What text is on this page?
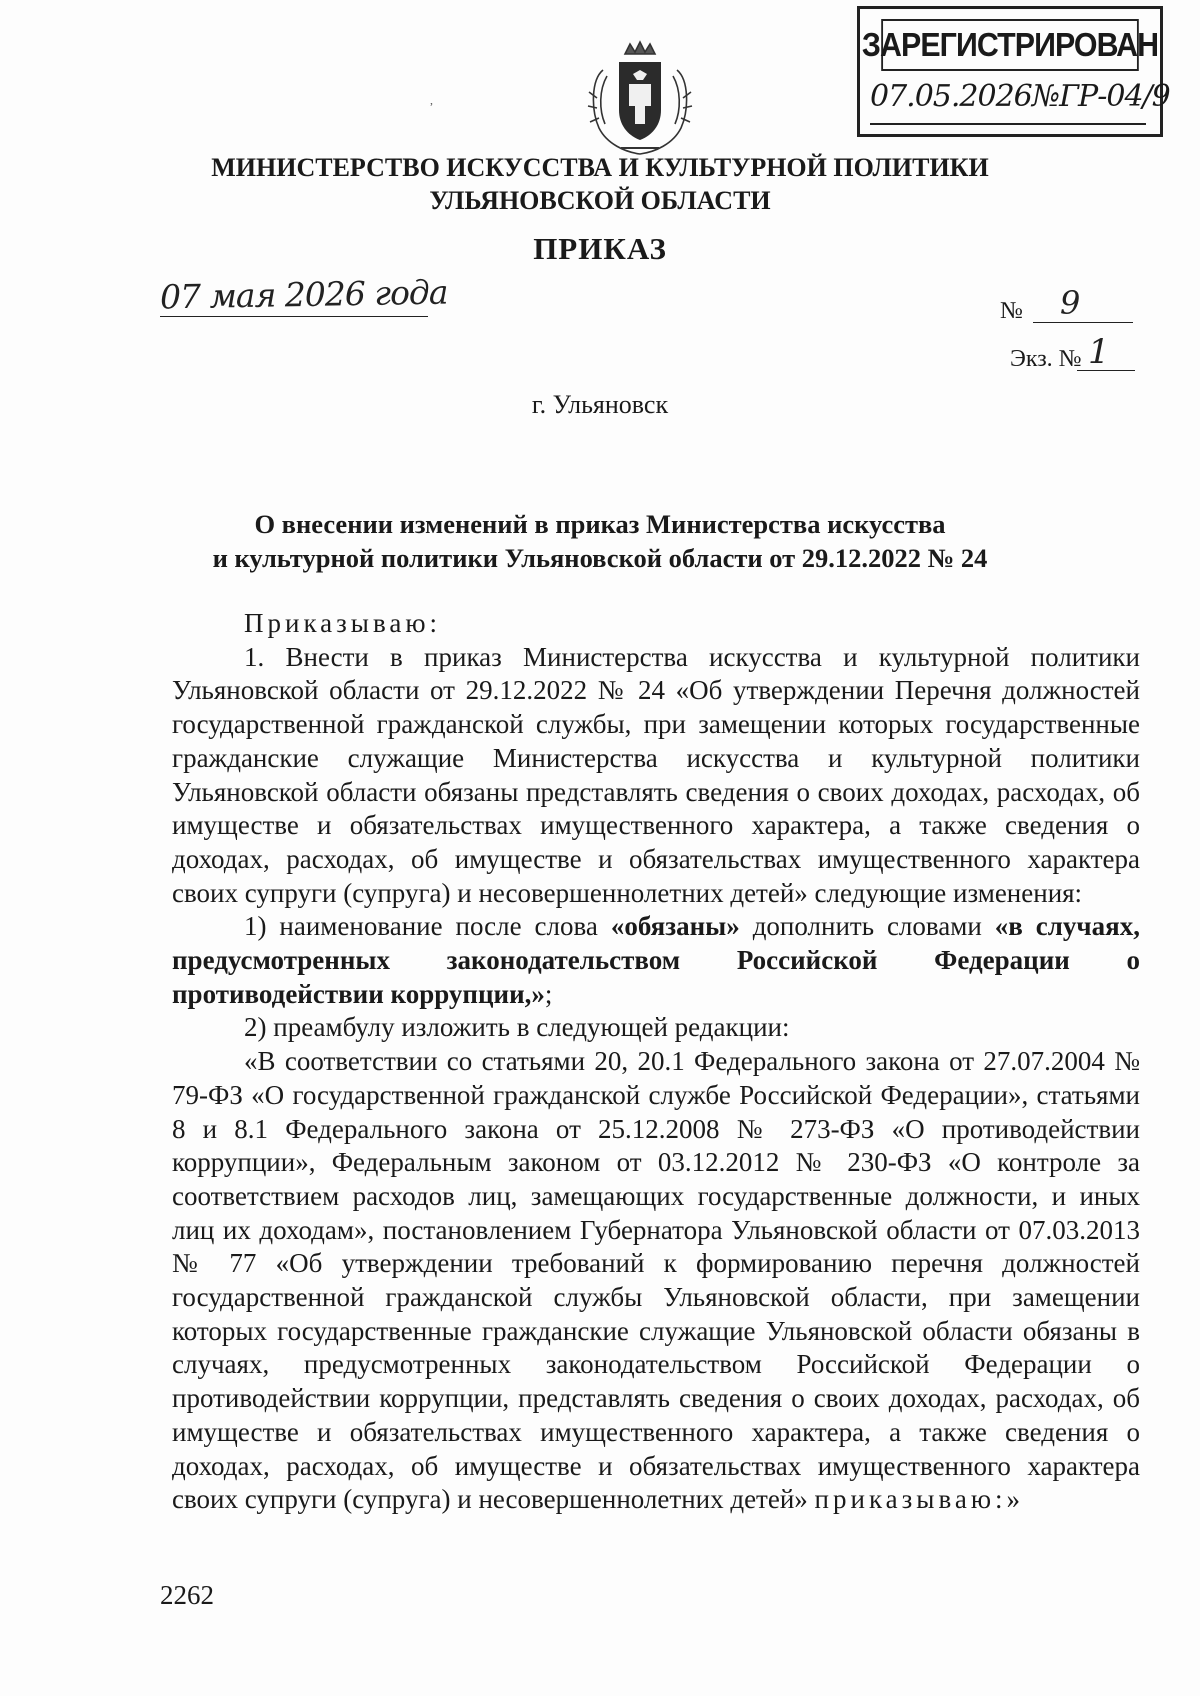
ЗАРЕГИСТРИРОВАН
07.05.2026№ГР-04/9
,
МИНИСТЕРСТВО ИСКУССТВА И КУЛЬТУРНОЙ ПОЛИТИКИ
УЛЬЯНОВСКОЙ ОБЛАСТИ
ПРИКАЗ
07 мая 2026 года	№ 9
Экз. № 1
г. Ульяновск
О внесении изменений в приказ Министерства искусства
и культурной политики Ульяновской области от 29.12.2022 № 24

Приказываю:

1. Внести в приказ Министерства искусства и культурной политики Ульяновской области от 29.12.2022 № 24 «Об утверждении Перечня должностей государственной гражданской службы, при замещении которых государственные гражданские служащие Министерства искусства и культурной политики Ульяновской области обязаны представлять сведения о своих доходах, расходах, об имуществе и обязательствах имущественного характера, а также сведения о доходах, расходах, об имуществе и обязательствах имущественного характера своих супруги (супруга) и несовершеннолетних детей» следующие изменения:

1) наименование после слова «обязаны» дополнить словами «в случаях, предусмотренных законодательством Российской Федерации о противодействии коррупции,»;

2) преамбулу изложить в следующей редакции:

«В соответствии со статьями 20, 20.1 Федерального закона от 27.07.2004 № 79-ФЗ «О государственной гражданской службе Российской Федерации», статьями 8 и 8.1 Федерального закона от 25.12.2008 № 273-ФЗ «О противодействии коррупции», Федеральным законом от 03.12.2012 № 230-ФЗ «О контроле за соответствием расходов лиц, замещающих государственные должности, и иных лиц их доходам», постановлением Губернатора Ульяновской области от 07.03.2013 № 77 «Об утверждении требований к формированию перечня должностей государственной гражданской службы Ульяновской области, при замещении которых государственные гражданские служащие Ульяновской области обязаны в случаях, предусмотренных законодательством Российской Федерации о противодействии коррупции, представлять сведения о своих доходах, расходах, об имуществе и обязательствах имущественного характера, а также сведения о доходах, расходах, об имуществе и обязательствах имущественного характера своих супруги (супруга) и несовершеннолетних детей» приказываю:»

2262
